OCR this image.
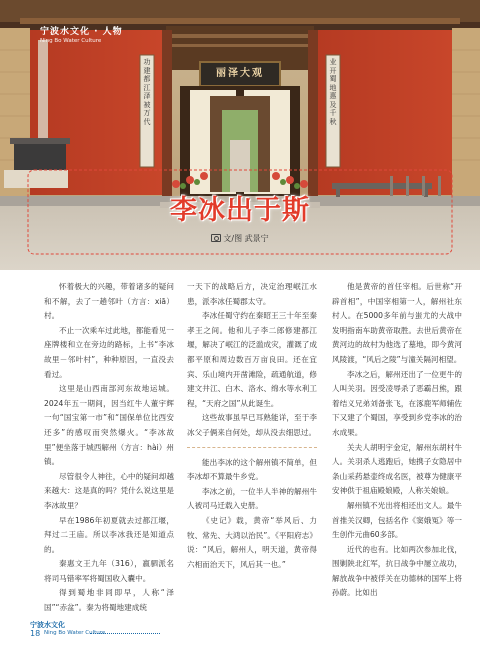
宁波水文化 · 人物
Ning Bo Water Culture
丽泽大观
功建都江泽被万代
业开蜀地惠及千秋
李冰出于斯
文/图 武景宁

怀着极大的兴趣，带着诸多的疑问和不解，去了一趟邻叶（方言：xiā）村。

不止一次乘车过此地，都能看见一座牌楼和立在旁边的路标，上书“李冰故里－邻叶村”，种种原因，一直没去看过。

这里是山西南部河东故地运城。2024年五一期间，因当红牛人董宇辉一句“国宝第一市”和“国保单位比西安还多”的感叹而突然爆火。“李冰故里”便坐落于城西解州（方言：hài）州镇。

尽管很令人神往，心中的疑问却越来越大：这是真的吗？凭什么说这里是李冰故里？

早在1986年初夏就去过都江堰，拜过二王庙。所以李冰我还是知道点的。

秦惠文王九年（316），嬴驷派名将司马错率军将蜀国收入囊中。

得到蜀地非同即早，人称“泽国”“赤盆”。秦为将蜀地建成统

一天下的战略后方，决定治理岷江水患，派李冰任蜀郡太守。

李冰任蜀守约在秦昭王三十年至秦孝王之间。他和儿子李二郎修建都江堰，解决了岷江的泛滥成灾，灌溉了成都平原和周边数百万亩良田。还在宜宾、乐山境内开凿滩险，疏通航道，修建文井江、白木、洛水、绵水等水利工程，“天府之国”从此诞生。

这些故事虽早已耳熟能详，至于李冰父子俩来自何处，却从没去细思过。

能出李冰的这个解州镇不简单，但李冰却不算最牛乡党。

李冰之前，一位半人半神的解州牛人被司马迁载入史册。

《史记》载，黄帝“举风后、力牧、常先、大鸿以治民”。《平阳府志》说：“风后，解州人，明天道，黄帝得六相而治天下，风后其一也。”

他是黄帝的首任宰相。后世称“开辟首相”，中国宰相第一人，解州社东村人。在5000多年前与蚩尤的大战中发明指南车助黄帝取胜。去世后黄帝在黄河边的故村为他选了墓地，即今黄河风陵渡，“风后之陵”与潼关隔河相望。

李冰之后，解州还出了一位更牛的人叫关羽。因受凌辱杀了恶霸吕熊，跟着结义兄弟刘备张飞，在涿鹿军师辅佐下又建了个蜀国，享受到乡党李冰的治水成果。

关夫人胡明宇金定，解州东胡村牛人。关羽杀人逃跑后，她携子女隐居中条山采药悬壶终成名医，被尊为健康平安神供于祖庙殿娘殿，人称关娘娘。

解州镇不光出将相还出文人。最牛首推关汉卿，包括名作《窦娥冤》等一生创作元曲60多部。

近代的也有。比如两次参加北伐，围剿陕北红军，抗日战争中屡立战功，解放战争中被俘关在功德林的国军上将孙蔚。比如出

宁波水文化
18 Ning Bo Water Culture
